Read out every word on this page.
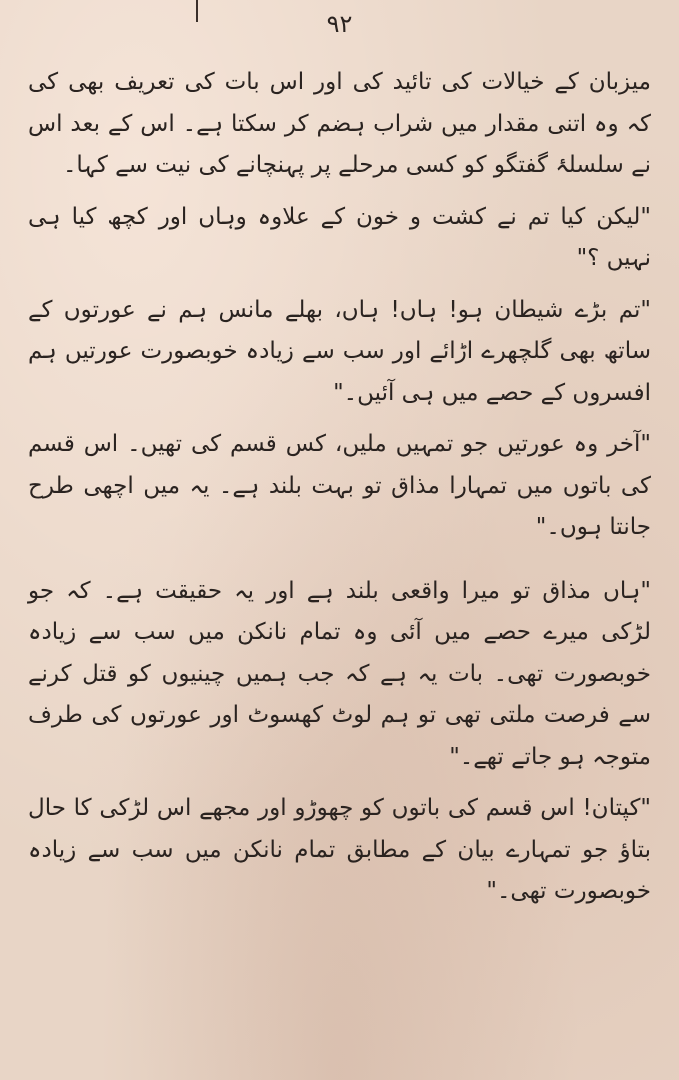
۹۲

میزبان کے خیالات کی تائید کی اور اس بات کی تعریف بھی کی کہ وہ اتنی مقدار میں شراب ہضم کر سکتا ہے۔ اس کے بعد اس نے سلسلۂ گفتگو کو کسی مرحلے پر پہنچانے کی نیت سے کہا۔

"لیکن کیا تم نے کشت و خون کے علاوہ وہاں اور کچھ کیا ہی نہیں ؟"

"تم بڑے شیطان ہو! ہاں! ہاں، بھلے مانس ہم نے عورتوں کے ساتھ بھی گلچھرے اڑائے اور سب سے زیادہ خوبصورت عورتیں ہم افسروں کے حصے میں ہی آئیں۔"

"آخر وہ عورتیں جو تمہیں ملیں، کس قسم کی تھیں۔ اس قسم کی باتوں میں تمہارا مذاق تو بہت بلند ہے۔ یہ میں اچھی طرح جانتا ہوں۔"

"ہاں مذاق تو میرا واقعی بلند ہے اور یہ حقیقت ہے۔ کہ جو لڑکی میرے حصے میں آئی وہ تمام نانکن میں سب سے زیادہ خوبصورت تھی۔ بات یہ ہے کہ جب ہمیں چینیوں کو قتل کرنے سے فرصت ملتی تھی تو ہم لوٹ کھسوٹ اور عورتوں کی طرف متوجہ ہو جاتے تھے۔"

"کپتان! اس قسم کی باتوں کو چھوڑو اور مجھے اس لڑکی کا حال بتاؤ جو تمہارے بیان کے مطابق تمام نانکن میں سب سے زیادہ خوبصورت تھی۔"
